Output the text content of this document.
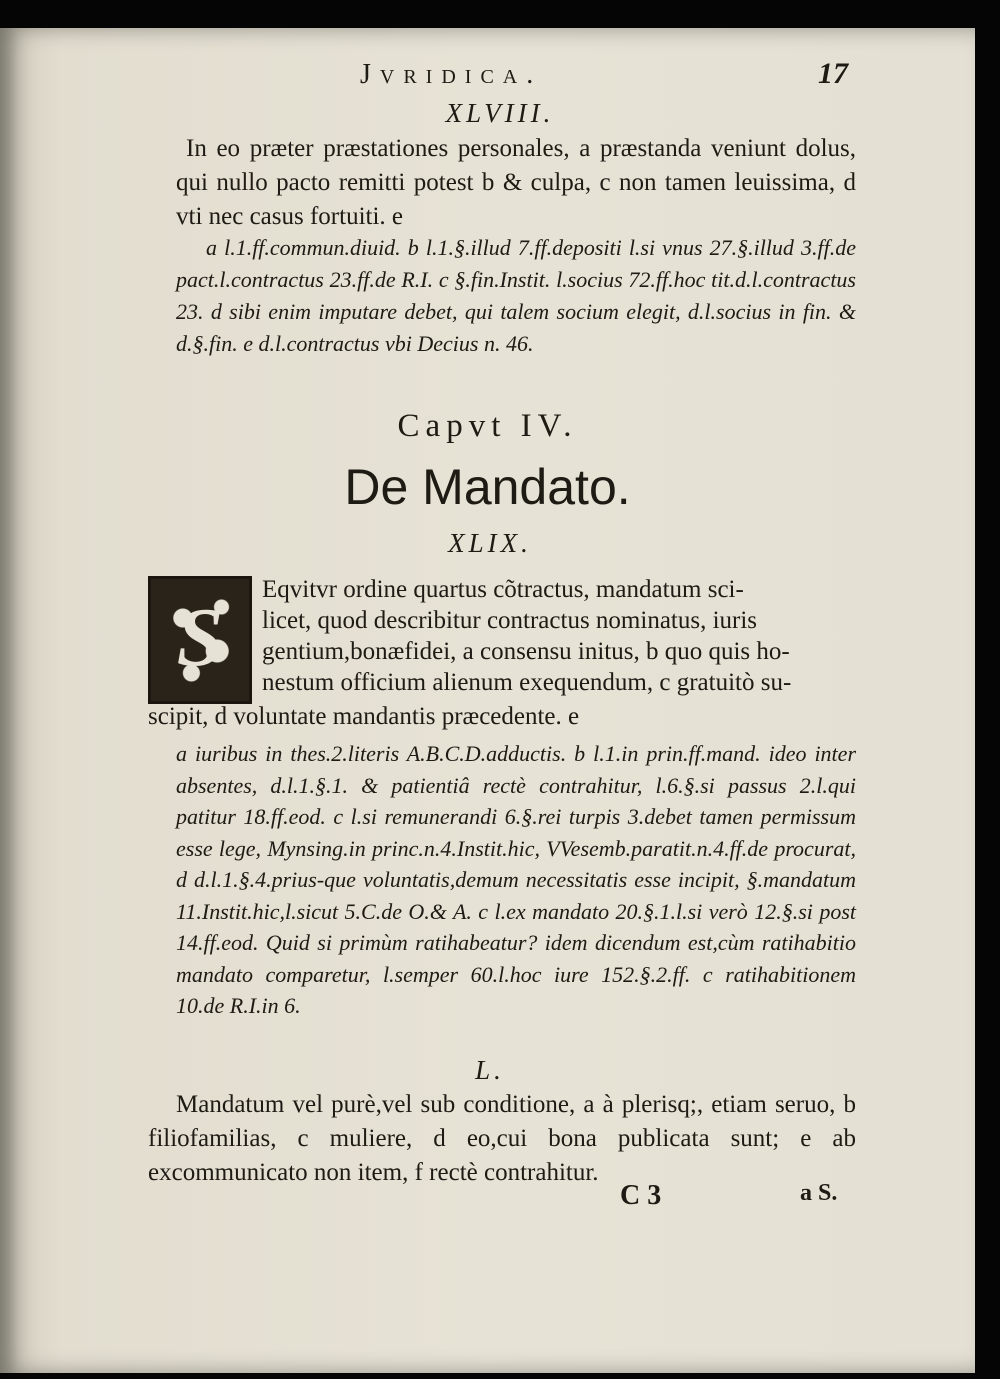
Jvridica.	17
XLVIII.

In eo præter præstationes personales, a præstanda veniunt dolus, qui nullo pacto remitti potest b & culpa, c non tamen leuissima, d vti nec casus fortuiti. e

a l.1.ff.commun.diuid. b l.1.§.illud 7.ff.depositi l.si vnus 27.§.illud 3.ff.de pact.l.contractus 23.ff.de R.I. c §.fin.Instit. l.socius 72.ff.hoc tit.d.l.contractus 23. d sibi enim imputare debet, qui talem socium elegit, d.l.socius in fin. & d.§.fin. e d.l.contractus vbi Decius n. 46.

Capvt IV.
De Mandato.
XLIX.
S
Eqvitvr ordine quartus cõtractus, mandatum sci-
licet, quod describitur contractus nominatus, iuris
gentium,bonæfidei, a consensu initus, b quo quis ho-
nestum officium alienum exequendum, c gratuitò su-

scipit, d voluntate mandantis præcedente. e

a iuribus in thes.2.literis A.B.C.D.adductis. b l.1.in prin.ff.mand. ideo inter absentes, d.l.1.§.1. & patientiâ rectè contrahitur, l.6.§.si passus 2.l.qui patitur 18.ff.eod. c l.si remunerandi 6.§.rei turpis 3.debet tamen permissum esse lege, Mynsing.in princ.n.4.Instit.hic, VVesemb.paratit.n.4.ff.de procurat, d d.l.1.§.4.prius-que voluntatis,demum necessitatis esse incipit, §.mandatum 11.Instit.hic,l.sicut 5.C.de O.& A. c l.ex mandato 20.§.1.l.si verò 12.§.si post 14.ff.eod. Quid si primùm ratihabeatur? idem dicendum est,cùm ratihabitio mandato comparetur, l.semper 60.l.hoc iure 152.§.2.ff. c ratihabitionem 10.de R.I.in 6.

L.

Mandatum vel purè,vel sub conditione, a à plerisq;, etiam seruo, b filiofamilias, c muliere, d eo,cui bona publicata sunt; e ab excommunicato non item, f rectè contrahitur.

C 3	a S.
